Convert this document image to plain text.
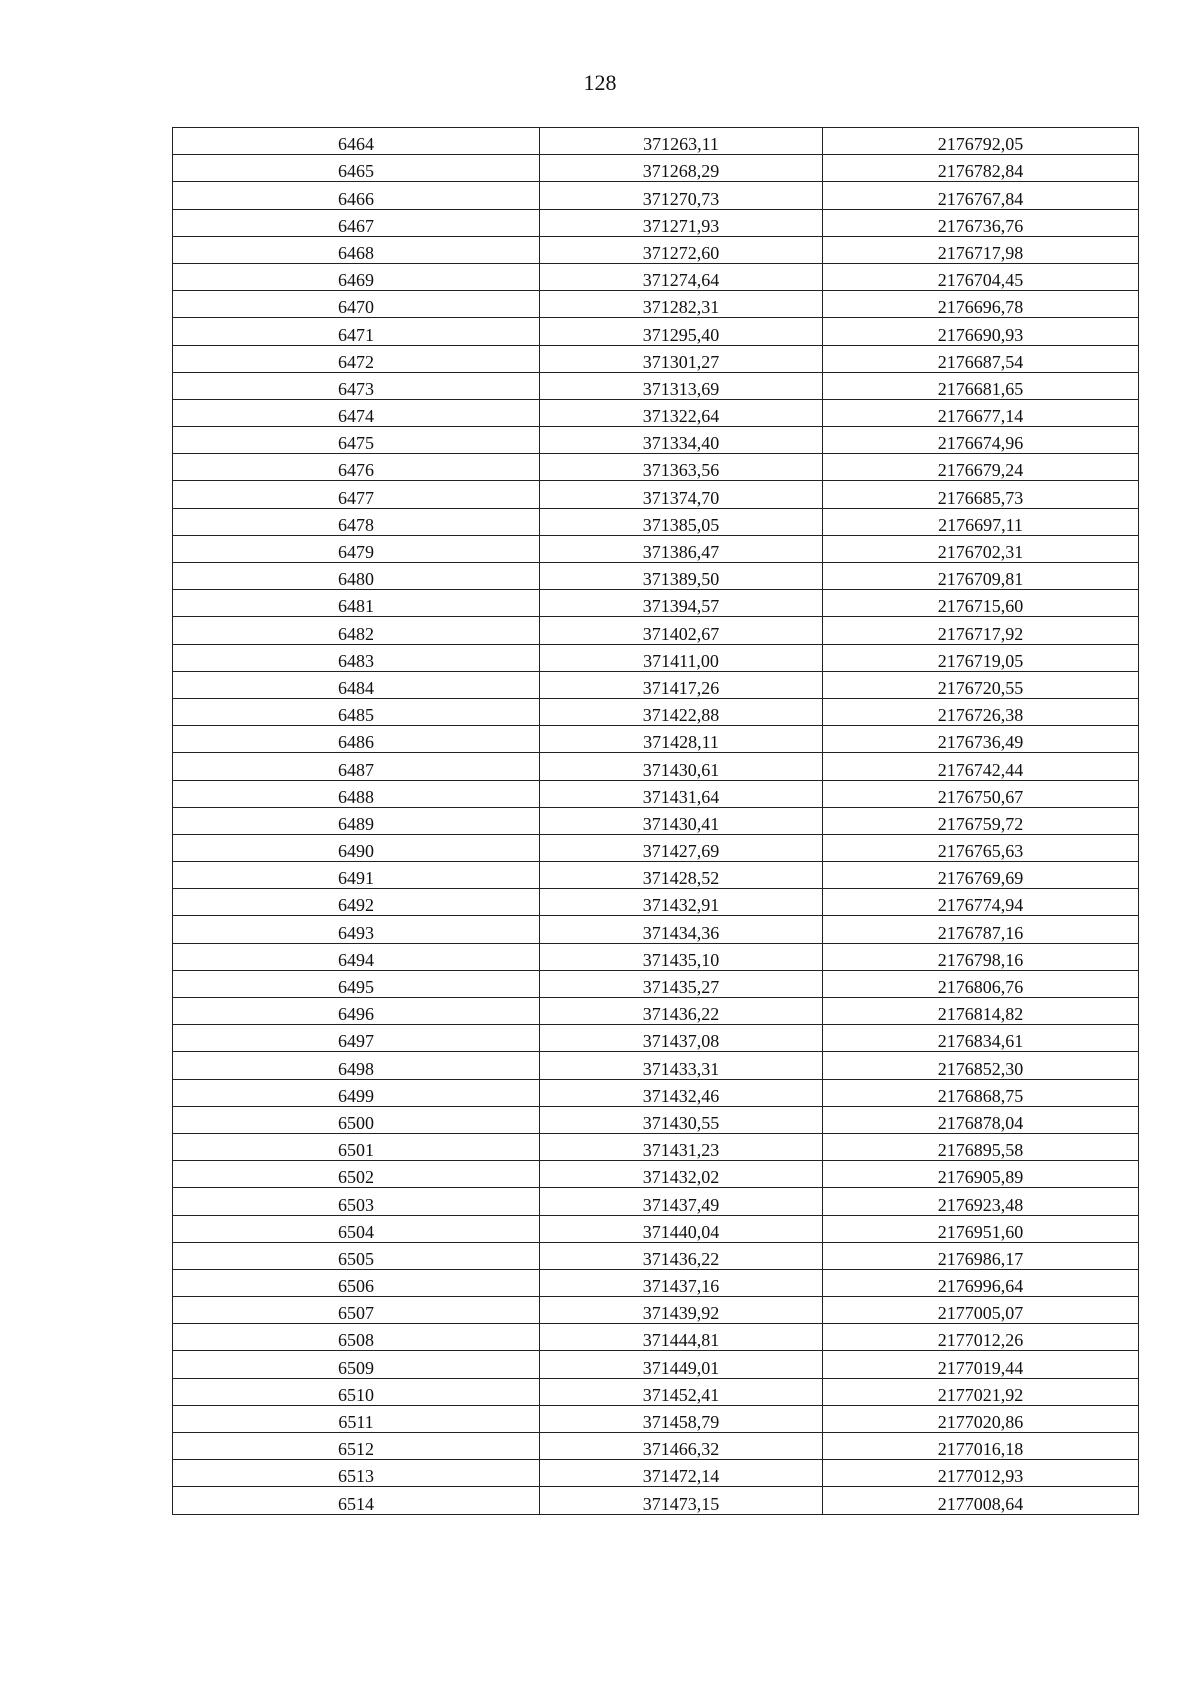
128
6464	371263,11	2176792,05
6465	371268,29	2176782,84
6466	371270,73	2176767,84
6467	371271,93	2176736,76
6468	371272,60	2176717,98
6469	371274,64	2176704,45
6470	371282,31	2176696,78
6471	371295,40	2176690,93
6472	371301,27	2176687,54
6473	371313,69	2176681,65
6474	371322,64	2176677,14
6475	371334,40	2176674,96
6476	371363,56	2176679,24
6477	371374,70	2176685,73
6478	371385,05	2176697,11
6479	371386,47	2176702,31
6480	371389,50	2176709,81
6481	371394,57	2176715,60
6482	371402,67	2176717,92
6483	371411,00	2176719,05
6484	371417,26	2176720,55
6485	371422,88	2176726,38
6486	371428,11	2176736,49
6487	371430,61	2176742,44
6488	371431,64	2176750,67
6489	371430,41	2176759,72
6490	371427,69	2176765,63
6491	371428,52	2176769,69
6492	371432,91	2176774,94
6493	371434,36	2176787,16
6494	371435,10	2176798,16
6495	371435,27	2176806,76
6496	371436,22	2176814,82
6497	371437,08	2176834,61
6498	371433,31	2176852,30
6499	371432,46	2176868,75
6500	371430,55	2176878,04
6501	371431,23	2176895,58
6502	371432,02	2176905,89
6503	371437,49	2176923,48
6504	371440,04	2176951,60
6505	371436,22	2176986,17
6506	371437,16	2176996,64
6507	371439,92	2177005,07
6508	371444,81	2177012,26
6509	371449,01	2177019,44
6510	371452,41	2177021,92
6511	371458,79	2177020,86
6512	371466,32	2177016,18
6513	371472,14	2177012,93
6514	371473,15	2177008,64
